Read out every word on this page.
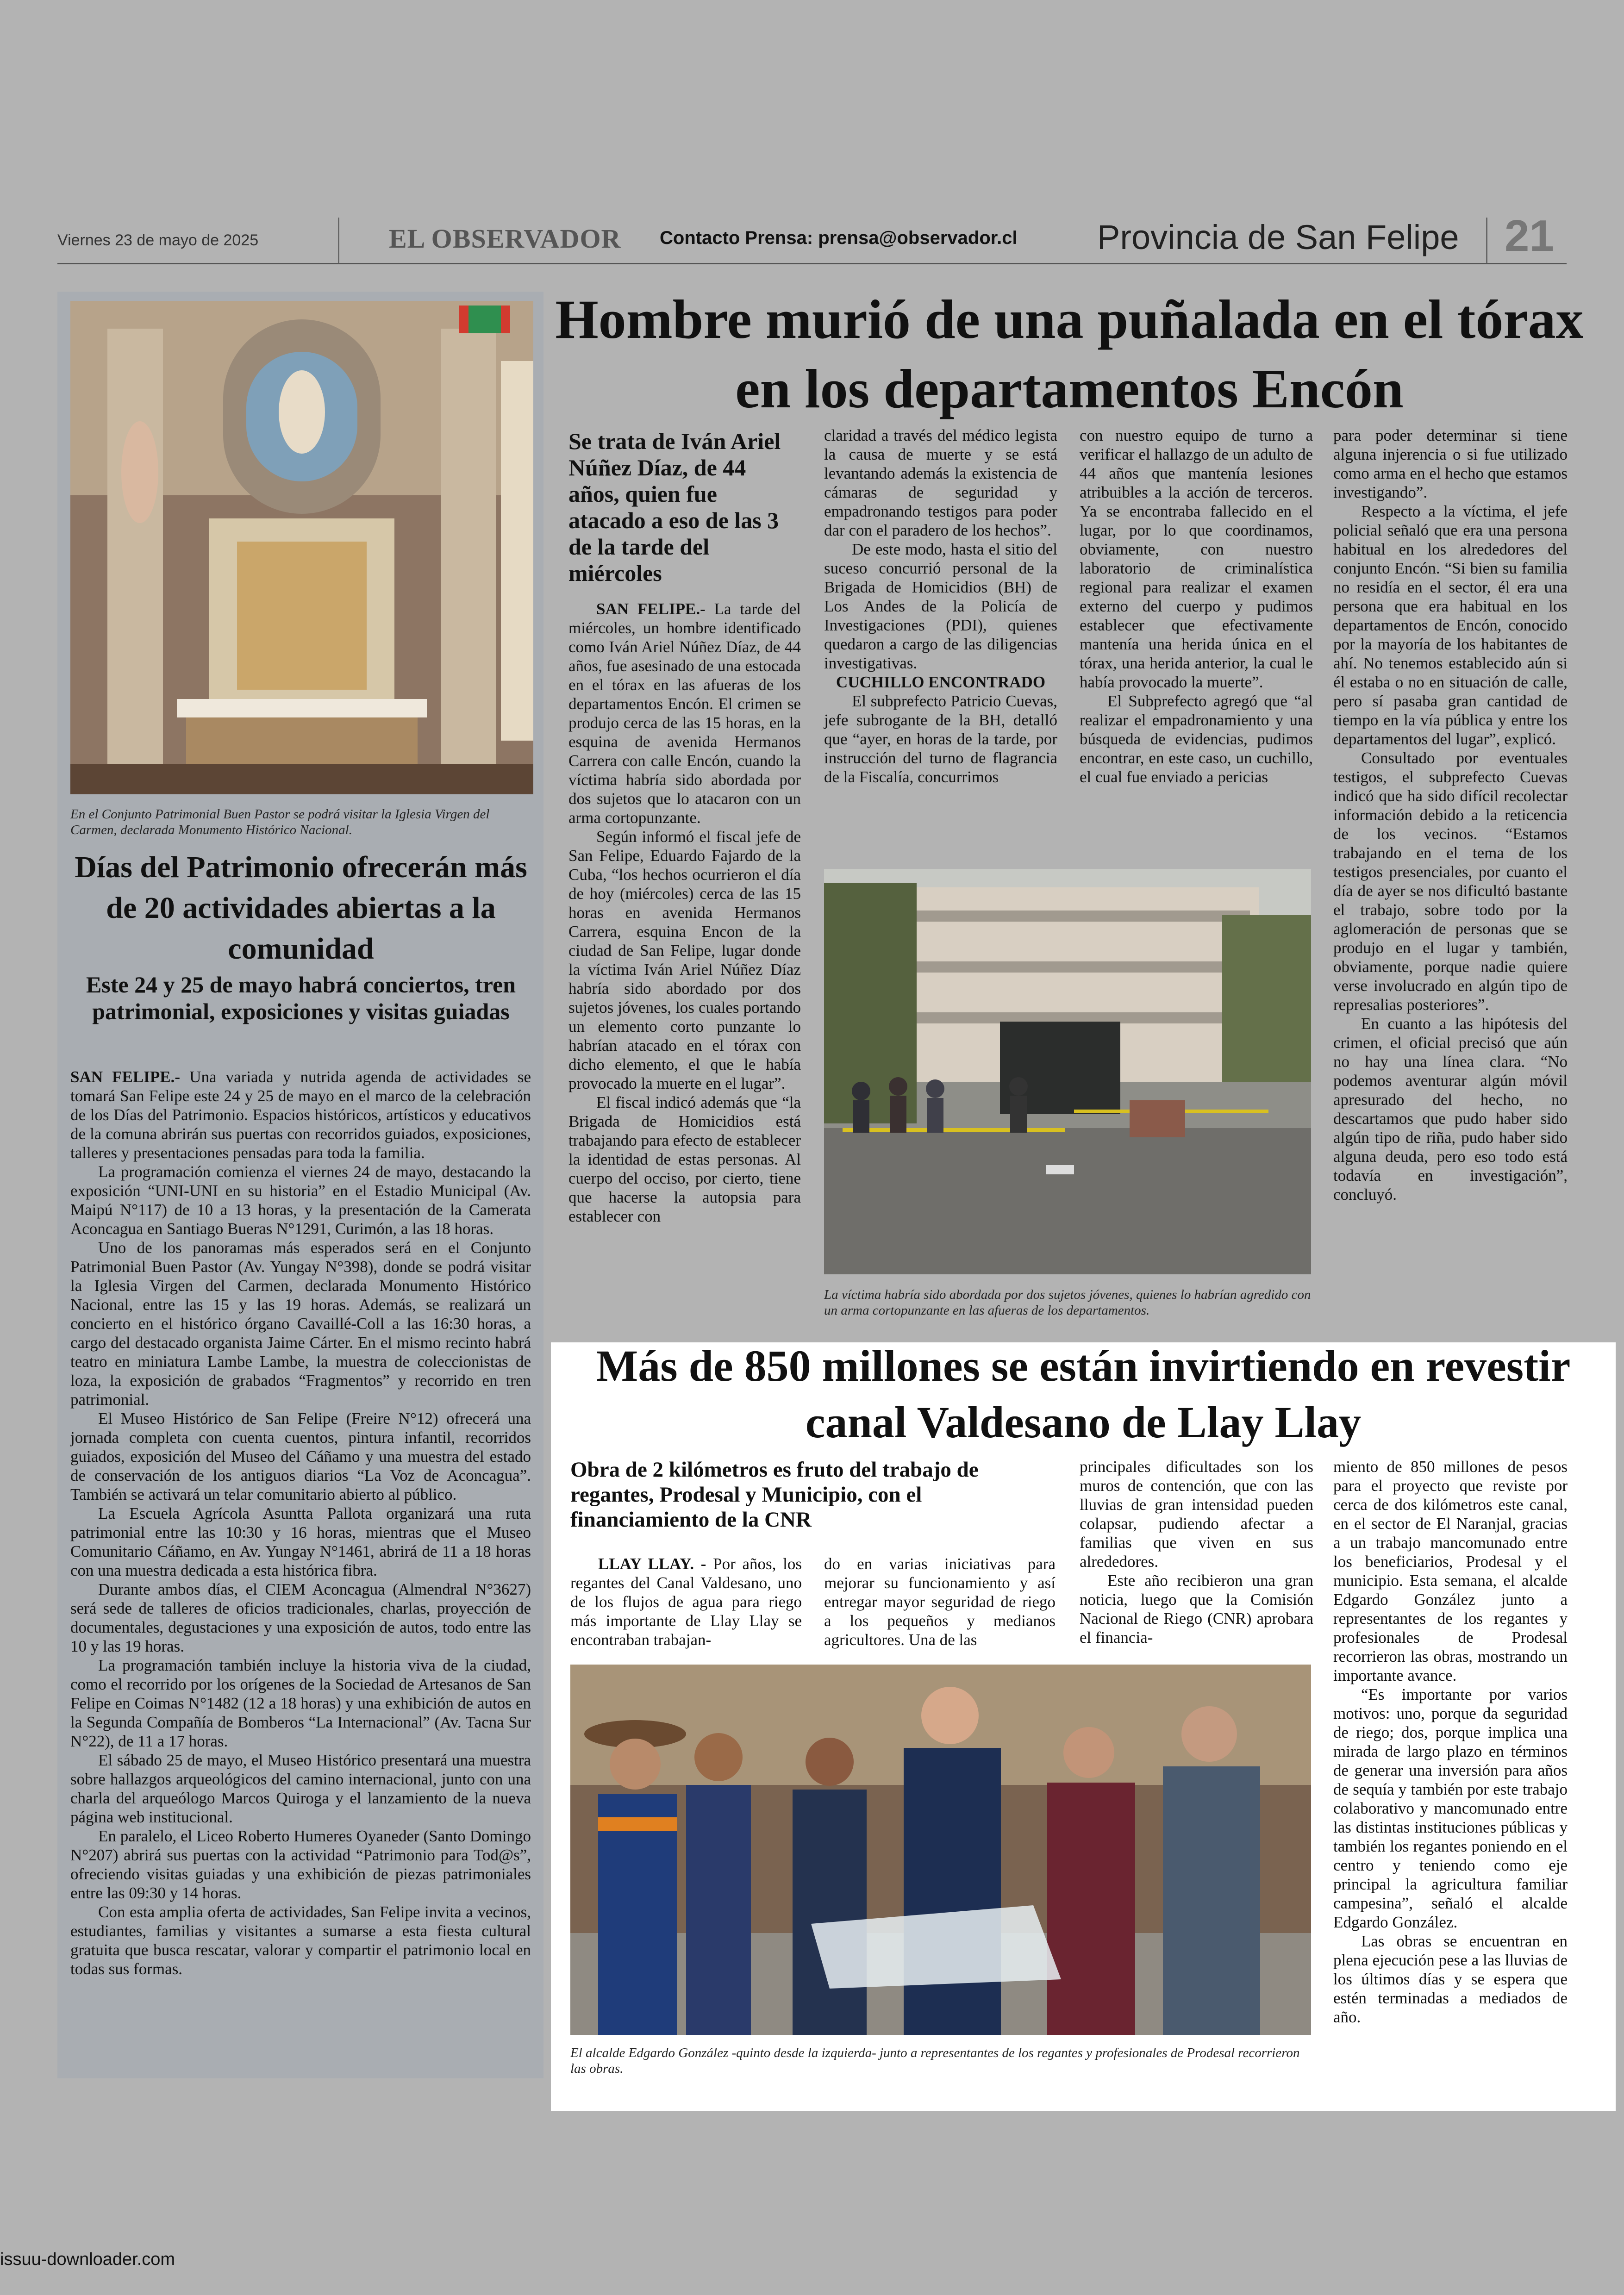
Viernes 23 de mayo de 2025	EL OBSERVADOR Contacto Prensa: prensa@observador.cl Provincia de San Felipe 21
En el Conjunto Patrimonial Buen Pastor se podrá visitar la Iglesia Virgen del Carmen, declarada Monumento Histórico Nacional.
Días del Patrimonio ofrecerán más de 20 actividades abiertas a la comunidad
Este 24 y 25 de mayo habrá conciertos, tren patrimonial, exposiciones y visitas guiadas

SAN FELIPE.- Una variada y nutrida agenda de actividades se tomará San Felipe este 24 y 25 de mayo en el marco de la celebración de los Días del Patrimonio. Espacios históricos, artísticos y educativos de la comuna abrirán sus puertas con recorridos guiados, exposiciones, talleres y presentaciones pensadas para toda la familia.

La programación comienza el viernes 24 de mayo, destacando la exposición “UNI-UNI en su historia” en el Estadio Municipal (Av. Maipú N°117) de 10 a 13 horas, y la presentación de la Camerata Aconcagua en Santiago Bueras N°1291, Curimón, a las 18 horas.

Uno de los panoramas más esperados será en el Conjunto Patrimonial Buen Pastor (Av. Yungay N°398), donde se podrá visitar la Iglesia Virgen del Carmen, declarada Monumento Histórico Nacional, entre las 15 y las 19 horas. Además, se realizará un concierto en el histórico órgano Cavaillé-Coll a las 16:30 horas, a cargo del destacado organista Jaime Cárter. En el mismo recinto habrá teatro en miniatura Lambe Lambe, la muestra de coleccionistas de loza, la exposición de grabados “Fragmentos” y recorrido en tren patrimonial.

El Museo Histórico de San Felipe (Freire N°12) ofrecerá una jornada completa con cuenta cuentos, pintura infantil, recorridos guiados, exposición del Museo del Cáñamo y una muestra del estado de conservación de los antiguos diarios “La Voz de Aconcagua”. También se activará un telar comunitario abierto al público.

La Escuela Agrícola Asuntta Pallota organizará una ruta patrimonial entre las 10:30 y 16 horas, mientras que el Museo Comunitario Cáñamo, en Av. Yungay N°1461, abrirá de 11 a 18 horas con una muestra dedicada a esta histórica fibra.

Durante ambos días, el CIEM Aconcagua (Almendral N°3627) será sede de talleres de oficios tradicionales, charlas, proyección de documentales, degustaciones y una exposición de autos, todo entre las 10 y las 19 horas.

La programación también incluye la historia viva de la ciudad, como el recorrido por los orígenes de la Sociedad de Artesanos de San Felipe en Coimas N°1482 (12 a 18 horas) y una exhibición de autos en la Segunda Compañía de Bomberos “La Internacional” (Av. Tacna Sur N°22), de 11 a 17 horas.

El sábado 25 de mayo, el Museo Histórico presentará una muestra sobre hallazgos arqueológicos del camino internacional, junto con una charla del arqueólogo Marcos Quiroga y el lanzamiento de la nueva página web institucional.

En paralelo, el Liceo Roberto Humeres Oyaneder (Santo Domingo N°207) abrirá sus puertas con la actividad “Patrimonio para Tod@s”, ofreciendo visitas guiadas y una exhibición de piezas patrimoniales entre las 09:30 y 14 horas.

Con esta amplia oferta de actividades, San Felipe invita a vecinos, estudiantes, familias y visitantes a sumarse a esta fiesta cultural gratuita que busca rescatar, valorar y compartir el patrimonio local en todas sus formas.

Hombre murió de una puñalada en el tórax en los departamentos Encón
Se trata de Iván Ariel Núñez Díaz, de 44 años, quien fue atacado a eso de las 3 de la tarde del miércoles

SAN FELIPE.- La tarde del miércoles, un hombre identificado como Iván Ariel Núñez Díaz, de 44 años, fue asesinado de una estocada en el tórax en las afueras de los departamentos Encón. El crimen se produjo cerca de las 15 horas, en la esquina de avenida Hermanos Carrera con calle Encón, cuando la víctima habría sido abordada por dos sujetos que lo atacaron con un arma cortopunzante.

Según informó el fiscal jefe de San Felipe, Eduardo Fajardo de la Cuba, “los hechos ocurrieron el día de hoy (miércoles) cerca de las 15 horas en avenida Hermanos Carrera, esquina Encon de la ciudad de San Felipe, lugar donde la víctima Iván Ariel Núñez Díaz habría sido abordado por dos sujetos jóvenes, los cuales portando un elemento corto punzante lo habrían atacado en el tórax con dicho elemento, el que le había provocado la muerte en el lugar”.

El fiscal indicó además que “la Brigada de Homicidios está trabajando para efecto de establecer la identidad de estas personas. Al cuerpo del occiso, por cierto, tiene que hacerse la autopsia para establecer con

claridad a través del médico legista la causa de muerte y se está levantando además la existencia de cámaras de seguridad y empadronando testigos para poder dar con el paradero de los hechos”.

De este modo, hasta el sitio del suceso concurrió personal de la Brigada de Homicidios (BH) de Los Andes de la Policía de Investigaciones (PDI), quienes quedaron a cargo de las diligencias investigativas.

CUCHILLO ENCONTRADO

El subprefecto Patricio Cuevas, jefe subrogante de la BH, detalló que “ayer, en horas de la tarde, por instrucción del turno de flagrancia de la Fiscalía, concurrimos

con nuestro equipo de turno a verificar el hallazgo de un adulto de 44 años que mantenía lesiones atribuibles a la acción de terceros. Ya se encontraba fallecido en el lugar, por lo que coordinamos, obviamente, con nuestro laboratorio de criminalística regional para realizar el examen externo del cuerpo y pudimos establecer que efectivamente mantenía una herida única en el tórax, una herida anterior, la cual le había provocado la muerte”.

El Subprefecto agregó que “al realizar el empadronamiento y una búsqueda de evidencias, pudimos encontrar, en este caso, un cuchillo, el cual fue enviado a pericias

para poder determinar si tiene alguna injerencia o si fue utilizado como arma en el hecho que estamos investigando”.

Respecto a la víctima, el jefe policial señaló que era una persona habitual en los alrededores del conjunto Encón. “Si bien su familia no residía en el sector, él era una persona que era habitual en los departamentos de Encón, conocido por la mayoría de los habitantes de ahí. No tenemos establecido aún si él estaba o no en situación de calle, pero sí pasaba gran cantidad de tiempo en la vía pública y entre los departamentos del lugar”, explicó.

Consultado por eventuales testigos, el subprefecto Cuevas indicó que ha sido difícil recolectar información debido a la reticencia de los vecinos. “Estamos trabajando en el tema de los testigos presenciales, por cuanto el día de ayer se nos dificultó bastante el trabajo, sobre todo por la aglomeración de personas que se produjo en el lugar y también, obviamente, porque nadie quiere verse involucrado en algún tipo de represalias posteriores”.

En cuanto a las hipótesis del crimen, el oficial precisó que aún no hay una línea clara. “No podemos aventurar algún móvil apresurado del hecho, no descartamos que pudo haber sido algún tipo de riña, pudo haber sido alguna deuda, pero eso todo está todavía en investigación”, concluyó.

La víctima habría sido abordada por dos sujetos jóvenes, quienes lo habrían agredido con un arma cortopunzante en las afueras de los departamentos.
Más de 850 millones se están invirtiendo en revestir canal Valdesano de Llay Llay
Obra de 2 kilómetros es fruto del trabajo de regantes, Prodesal y Municipio, con el financiamiento de la CNR

LLAY LLAY. - Por años, los regantes del Canal Valdesano, uno de los flujos de agua para riego más importante de Llay Llay se encontraban trabajan-

do en varias iniciativas para mejorar su funcionamiento y así entregar mayor seguridad de riego a los pequeños y medianos agricultores. Una de las

principales dificultades son los muros de contención, que con las lluvias de gran intensidad pueden colapsar, pudiendo afectar a familias que viven en sus alrededores.

Este año recibieron una gran noticia, luego que la Comisión Nacional de Riego (CNR) aprobara el financia-

miento de 850 millones de pesos para el proyecto que reviste por cerca de dos kilómetros este canal, en el sector de El Naranjal, gracias a un trabajo mancomunado entre los beneficiarios, Prodesal y el municipio. Esta semana, el alcalde Edgardo González junto a representantes de los regantes y profesionales de Prodesal recorrieron las obras, mostrando un importante avance.

“Es importante por varios motivos: uno, porque da seguridad de riego; dos, porque implica una mirada de largo plazo en términos de generar una inversión para años de sequía y también por este trabajo colaborativo y mancomunado entre las distintas instituciones públicas y también los regantes poniendo en el centro y teniendo como eje principal la agricultura familiar campesina”, señaló el alcalde Edgardo González.

Las obras se encuentran en plena ejecución pese a las lluvias de los últimos días y se espera que estén terminadas a mediados de año.

El alcalde Edgardo González -quinto desde la izquierda- junto a representantes de los regantes y profesionales de Prodesal recorrieron las obras.
issuu-downloader.com
